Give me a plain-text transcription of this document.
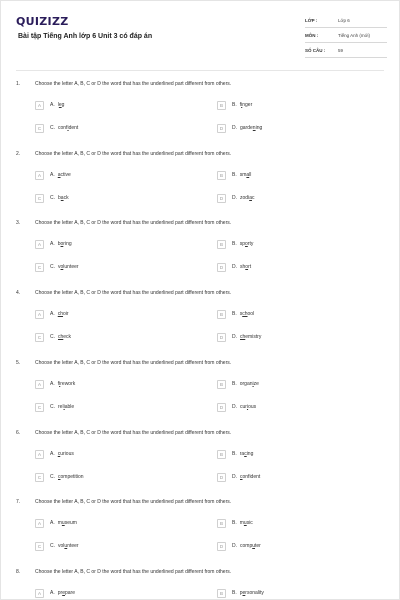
QUIZIZZ
Bài tập Tiếng Anh lớp 6 Unit 3 có đáp án
LỚP :	Lớp 6
MÔN :	Tiếng Anh (mới)
SỐ CÂU :	59
1.	Choose the letter A, B, C or D the word that has the underlined part different from others.
A	A. l e g	B	B. f i nger
C	C. conf i dent	D	D. garde n ing
2.	Choose the letter A, B, C or D the word that has the underlined part different from others.
A	A. a ctive	B	B. sm a ll
C	C. b a ck	D	D. zodi a c
3.	Choose the letter A, B, C or D the word that has the underlined part different from others.
A	A. b o ring	B	B. sp o rty
C	C. v o lunteer	D	D. sh o rt
4.	Choose the letter A, B, C or D the word that has the underlined part different from others.
A	A. ch oir	B	B. s ch ool
C	C. ch eck	D	D. ch emistry
5.	Choose the letter A, B, C or D the word that has the underlined part different from others.
A	A. f i rework	B	B. organ i ze
C	C. rel i able	D	D. cur i ous
6.	Choose the letter A, B, C or D the word that has the underlined part different from others.
A	A. c urious	B	B. ra c ing
C	C. c ompetition	D	D. c onfident
7.	Choose the letter A, B, C or D the word that has the underlined part different from others.
A	A. m u seum	B	B. m u sic
C	C. vol u nteer	D	D. comp u ter
8.	Choose the letter A, B, C or D the word that has the underlined part different from others.
A	A. pr e pare	B	B. p e rsonality
